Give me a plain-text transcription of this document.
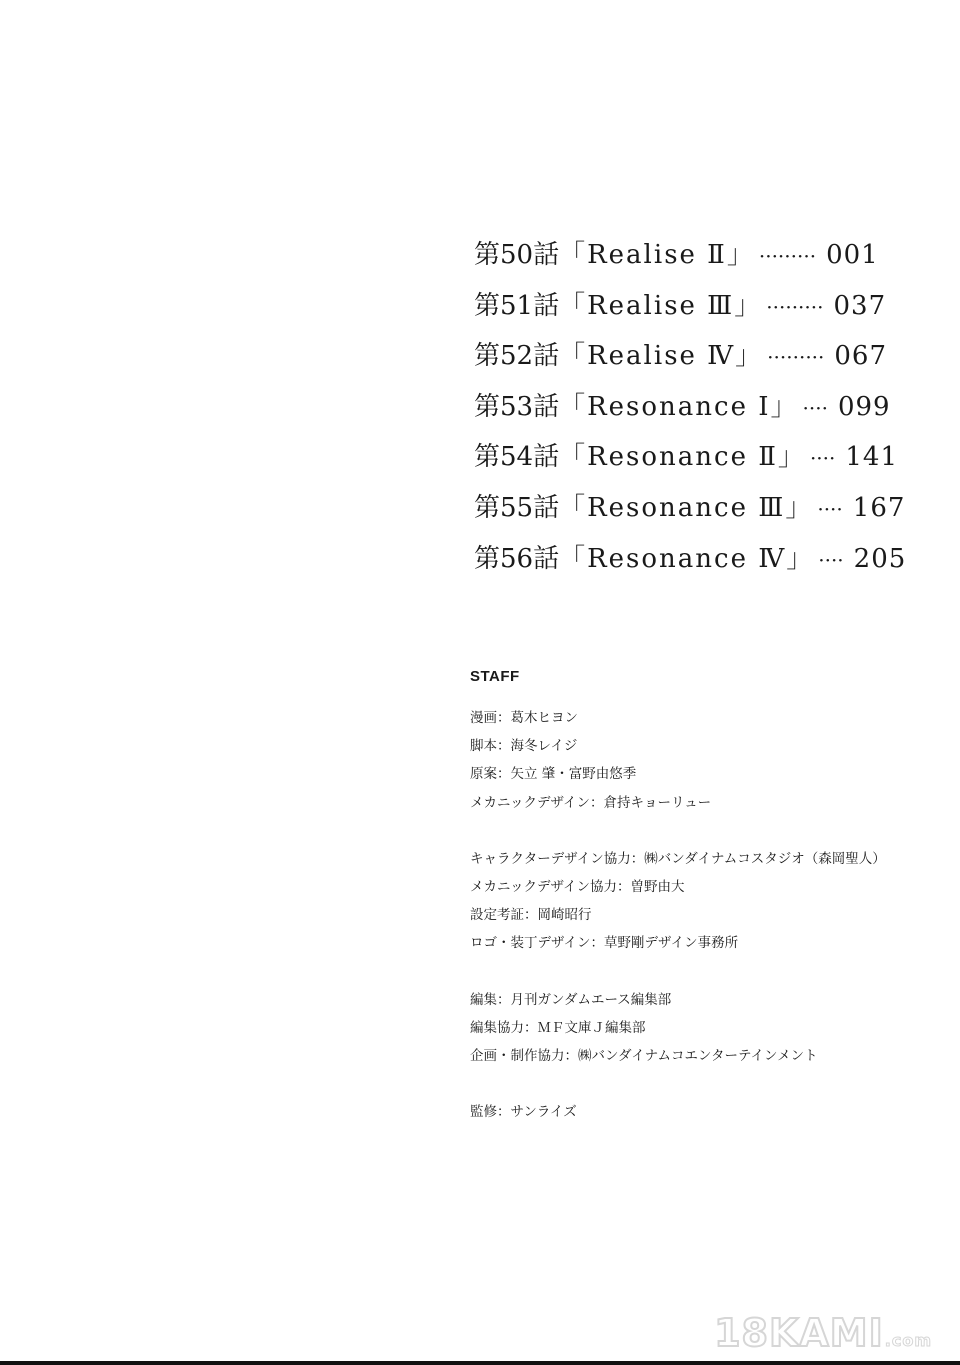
第50話 「Realise Ⅱ」 ········· 001
第51話 「Realise Ⅲ」 ········· 037
第52話 「Realise Ⅳ」 ········· 067
第53話 「Resonance Ⅰ」 ···· 099
第54話 「Resonance Ⅱ」 ···· 141
第55話 「Resonance Ⅲ」 ···· 167
第56話 「Resonance Ⅳ」 ···· 205
STAFF
漫画：葛木ヒヨン
脚本：海冬レイジ
原案：矢立 肇・富野由悠季
メカニックデザイン：倉持キョーリュー
キャラクターデザイン協力：㈱バンダイナムコスタジオ（森岡聖人）
メカニックデザイン協力：曽野由大
設定考証：岡崎昭行
ロゴ・装丁デザイン：草野剛デザイン事務所
編集：月刊ガンダムエース編集部
編集協力：ＭＦ文庫Ｊ編集部
企画・制作協力：㈱バンダイナムコエンターテインメント
監修：サンライズ
18KAMI.com
